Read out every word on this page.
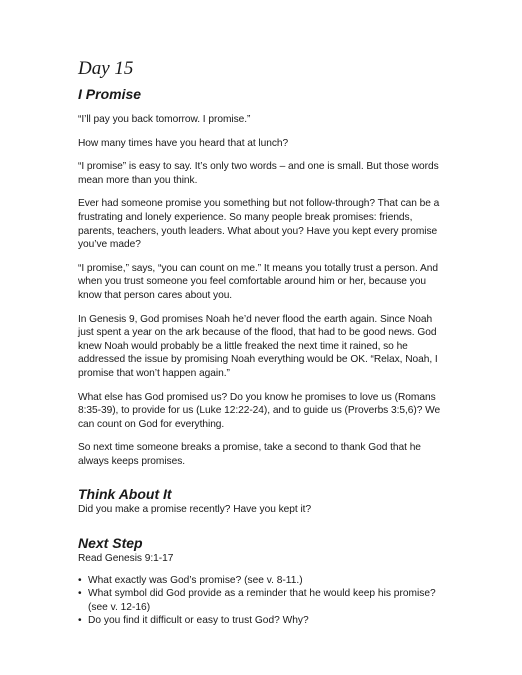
Day 15
I Promise

“I’ll pay you back tomorrow. I promise.”

How many times have you heard that at lunch?

“I promise” is easy to say. It’s only two words – and one is small. But those words mean more than you think.

Ever had someone promise you something but not follow-through? That can be a frustrating and lonely experience. So many people break promises: friends, parents, teachers, youth leaders. What about you? Have you kept every promise you’ve made?

“I promise,” says, “you can count on me.” It means you totally trust a person. And when you trust someone you feel comfortable around him or her, because you know that person cares about you.

In Genesis 9, God promises Noah he’d never flood the earth again. Since Noah just spent a year on the ark because of the flood, that had to be good news. God knew Noah would probably be a little freaked the next time it rained, so he addressed the issue by promising Noah everything would be OK. “Relax, Noah, I promise that won’t happen again.”

What else has God promised us? Do you know he promises to love us (Romans 8:35-39), to provide for us (Luke 12:22-24), and to guide us (Proverbs 3:5,6)? We can count on God for everything.

So next time someone breaks a promise, take a second to thank God that he always keeps promises.

Think About It

Did you make a promise recently? Have you kept it?

Next Step

Read Genesis 9:1-17

• What exactly was God’s promise? (see v. 8-11.)
• What symbol did God provide as a reminder that he would keep his promise? (see v. 12-16)
• Do you find it difficult or easy to trust God? Why?
